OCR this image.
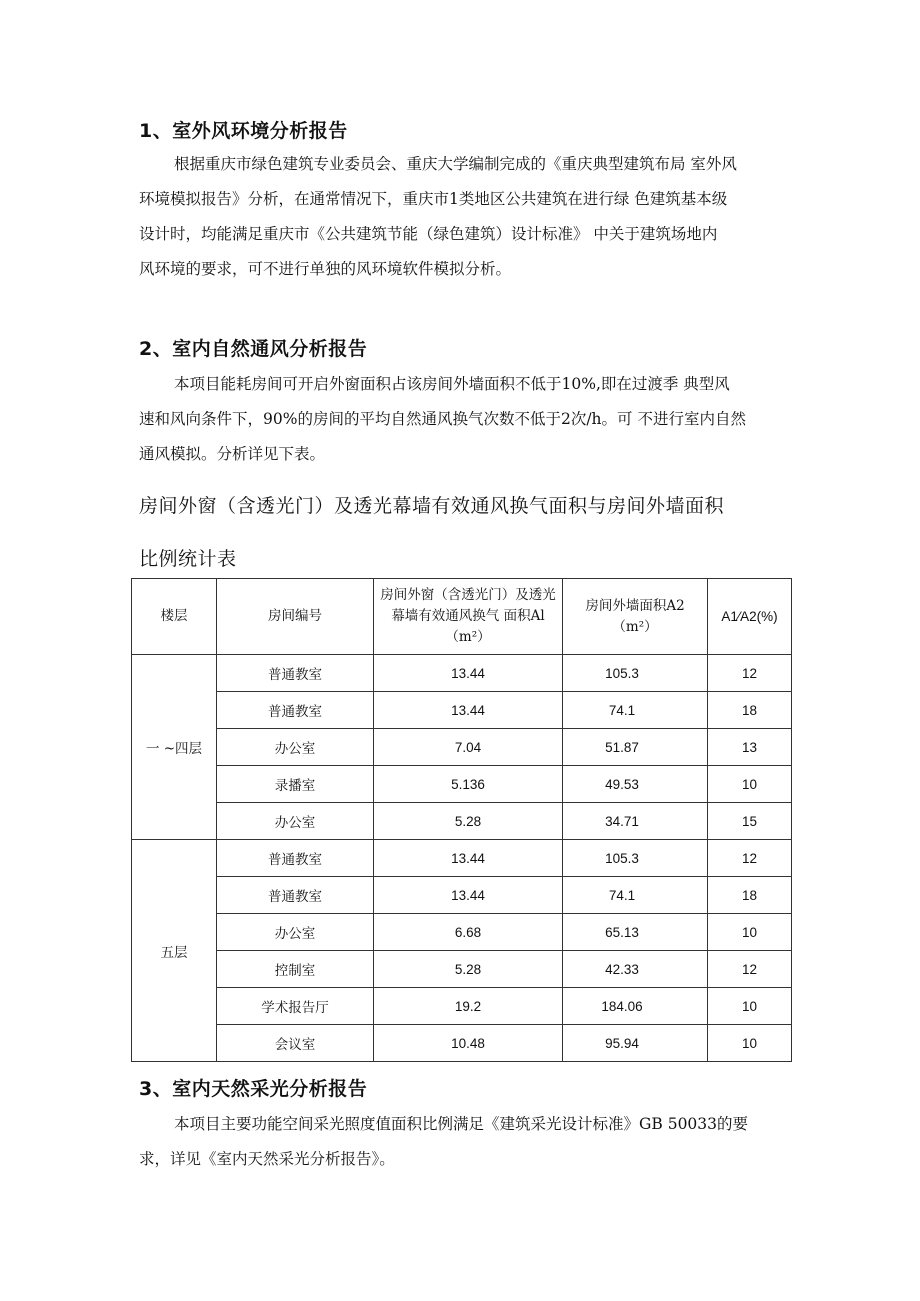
1、室外风环境分析报告
根据重庆市绿色建筑专业委员会、重庆大学编制完成的《重庆典型建筑布局 室外风
环境模拟报告》分析，在通常情况下，重庆市1类地区公共建筑在进行绿 色建筑基本级
设计时，均能满足重庆市《公共建筑节能（绿色建筑）设计标准》 中关于建筑场地内
风环境的要求，可不进行单独的风环境软件模拟分析。
2、室内自然通风分析报告
本项目能耗房间可开启外窗面积占该房间外墙面积不低于10%,即在过渡季 典型风
速和风向条件下，90%的房间的平均自然通风换气次数不低于2次/h。可 不进行室内自然
通风模拟。分析详见下表。
房间外窗（含透光门）及透光幕墙有效通风换气面积与房间外墙面积
比例统计表
楼层	房间编号	房间外窗（含透光门）及透光幕墙有效通风换气 面积Al （m²）	房间外墙面积A2 （m²）	A1⁄A2(%)
一 ~四层	普通教室	13.44	105.3	12
	普通教室	13.44	74.1	18
	办公室	7.04	51.87	13
	录播室	5.136	49.53	10
	办公室	5.28	34.71	15
五层	普通教室	13.44	105.3	12
	普通教室	13.44	74.1	18
	办公室	6.68	65.13	10
	控制室	5.28	42.33	12
	学术报告厅	19.2	184.06	10
	会议室	10.48	95.94	10
3、室内天然采光分析报告
本项目主要功能空间采光照度值面积比例满足《建筑采光设计标准》GB 50033的要
求，详见《室内天然采光分析报告》。
